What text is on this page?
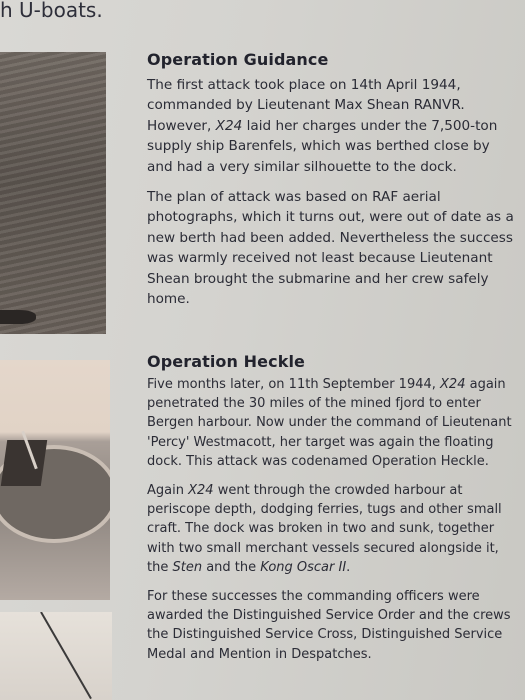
h U-boats.
Operation Guidance

The first attack took place on 14th April 1944, commanded by Lieutenant Max Shean RANVR. However, X24 laid her charges under the 7,500-ton supply ship Barenfels, which was berthed close by and had a very similar silhouette to the dock.

The plan of attack was based on RAF aerial photographs, which it turns out, were out of date as a new berth had been added. Nevertheless the success was warmly received not least because Lieutenant Shean brought the submarine and her crew safely home.

Operation Heckle

Five months later, on 11th September 1944, X24 again penetrated the 30 miles of the mined fjord to enter Bergen harbour. Now under the command of Lieutenant 'Percy' Westmacott, her target was again the floating dock. This attack was codenamed Operation Heckle.

Again X24 went through the crowded harbour at periscope depth, dodging ferries, tugs and other small craft. The dock was broken in two and sunk, together with two small merchant vessels secured alongside it, the Sten and the Kong Oscar II.

For these successes the commanding officers were awarded the Distinguished Service Order and the crews the Distinguished Service Cross, Distinguished Service Medal and Mention in Despatches.
